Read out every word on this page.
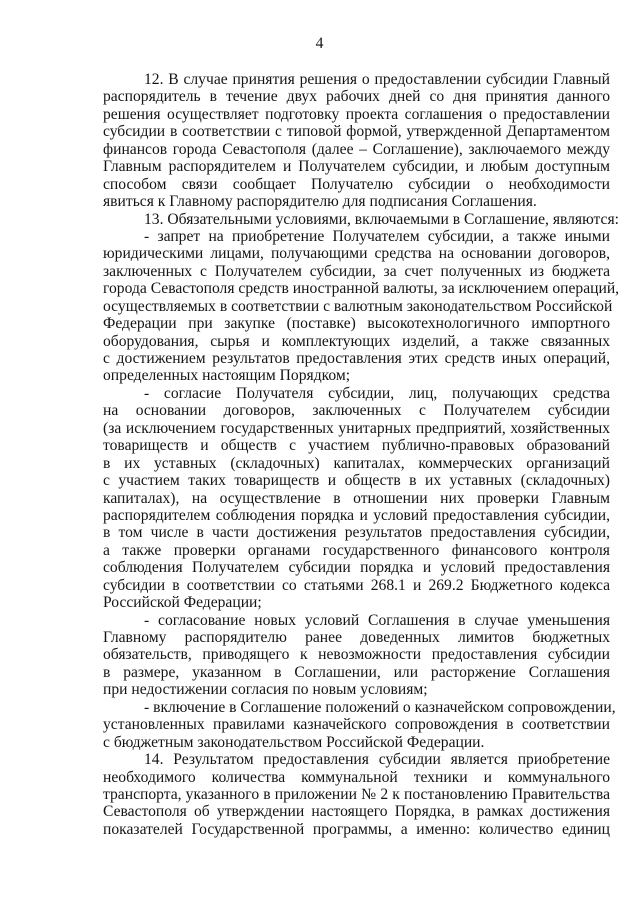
4
12. В случае принятия решения о предоставлении субсидии Главный
распорядитель в течение двух рабочих дней со дня принятия данного
решения осуществляет подготовку проекта соглашения о предоставлении
субсидии в соответствии с типовой формой, утвержденной Департаментом
финансов города Севастополя (далее – Соглашение), заключаемого между
Главным распорядителем и Получателем субсидии, и любым доступным
способом связи сообщает Получателю субсидии о необходимости
явиться к Главному распорядителю для подписания Соглашения.
13. Обязательными условиями, включаемыми в Соглашение, являются:
- запрет на приобретение Получателем субсидии, а также иными
юридическими лицами, получающими средства на основании договоров,
заключенных с Получателем субсидии, за счет полученных из бюджета
города Севастополя средств иностранной валюты, за исключением операций,
осуществляемых в соответствии с валютным законодательством Российской
Федерации при закупке (поставке) высокотехнологичного импортного
оборудования, сырья и комплектующих изделий, а также связанных
с достижением результатов предоставления этих средств иных операций,
определенных настоящим Порядком;
- согласие Получателя субсидии, лиц, получающих средства
на основании договоров, заключенных с Получателем субсидии
(за исключением государственных унитарных предприятий, хозяйственных
товариществ и обществ с участием публично-правовых образований
в их уставных (складочных) капиталах, коммерческих организаций
с участием таких товариществ и обществ в их уставных (складочных)
капиталах), на осуществление в отношении них проверки Главным
распорядителем соблюдения порядка и условий предоставления субсидии,
в том числе в части достижения результатов предоставления субсидии,
а также проверки органами государственного финансового контроля
соблюдения Получателем субсидии порядка и условий предоставления
субсидии в соответствии со статьями 268.1 и 269.2 Бюджетного кодекса
Российской Федерации;
- согласование новых условий Соглашения в случае уменьшения
Главному распорядителю ранее доведенных лимитов бюджетных
обязательств, приводящего к невозможности предоставления субсидии
в размере, указанном в Соглашении, или расторжение Соглашения
при недостижении согласия по новым условиям;
- включение в Соглашение положений о казначейском сопровождении,
установленных правилами казначейского сопровождения в соответствии
с бюджетным законодательством Российской Федерации.
14. Результатом предоставления субсидии является приобретение
необходимого количества коммунальной техники и коммунального
транспорта, указанного в приложении № 2 к постановлению Правительства
Севастополя об утверждении настоящего Порядка, в рамках достижения
показателей Государственной программы, а именно: количество единиц
